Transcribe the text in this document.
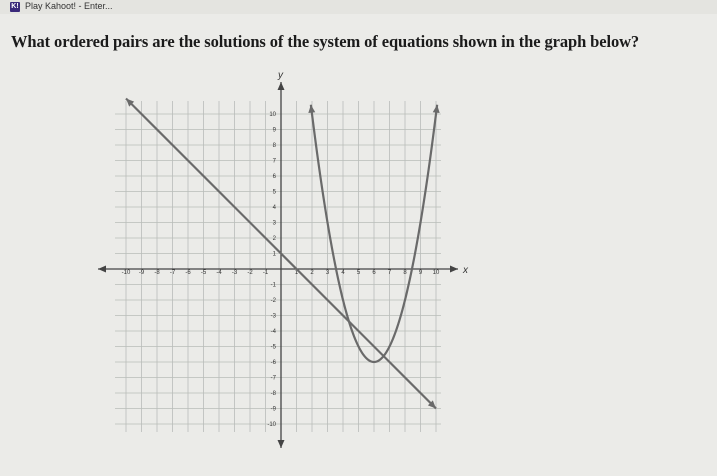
K! Play Kahoot! - Enter...
What ordered pairs are the solutions of the system of equations shown in the graph below?
x
y
-10 -9 -8 -7 -6 -5 -4 -3 -2 -1	1 2 3 4 5 6 7 8 9 10
10
9
8
7
6
5
4
3
2
1
-1
-2
-3
-4
-5
-6
-7
-8
-9
-10
